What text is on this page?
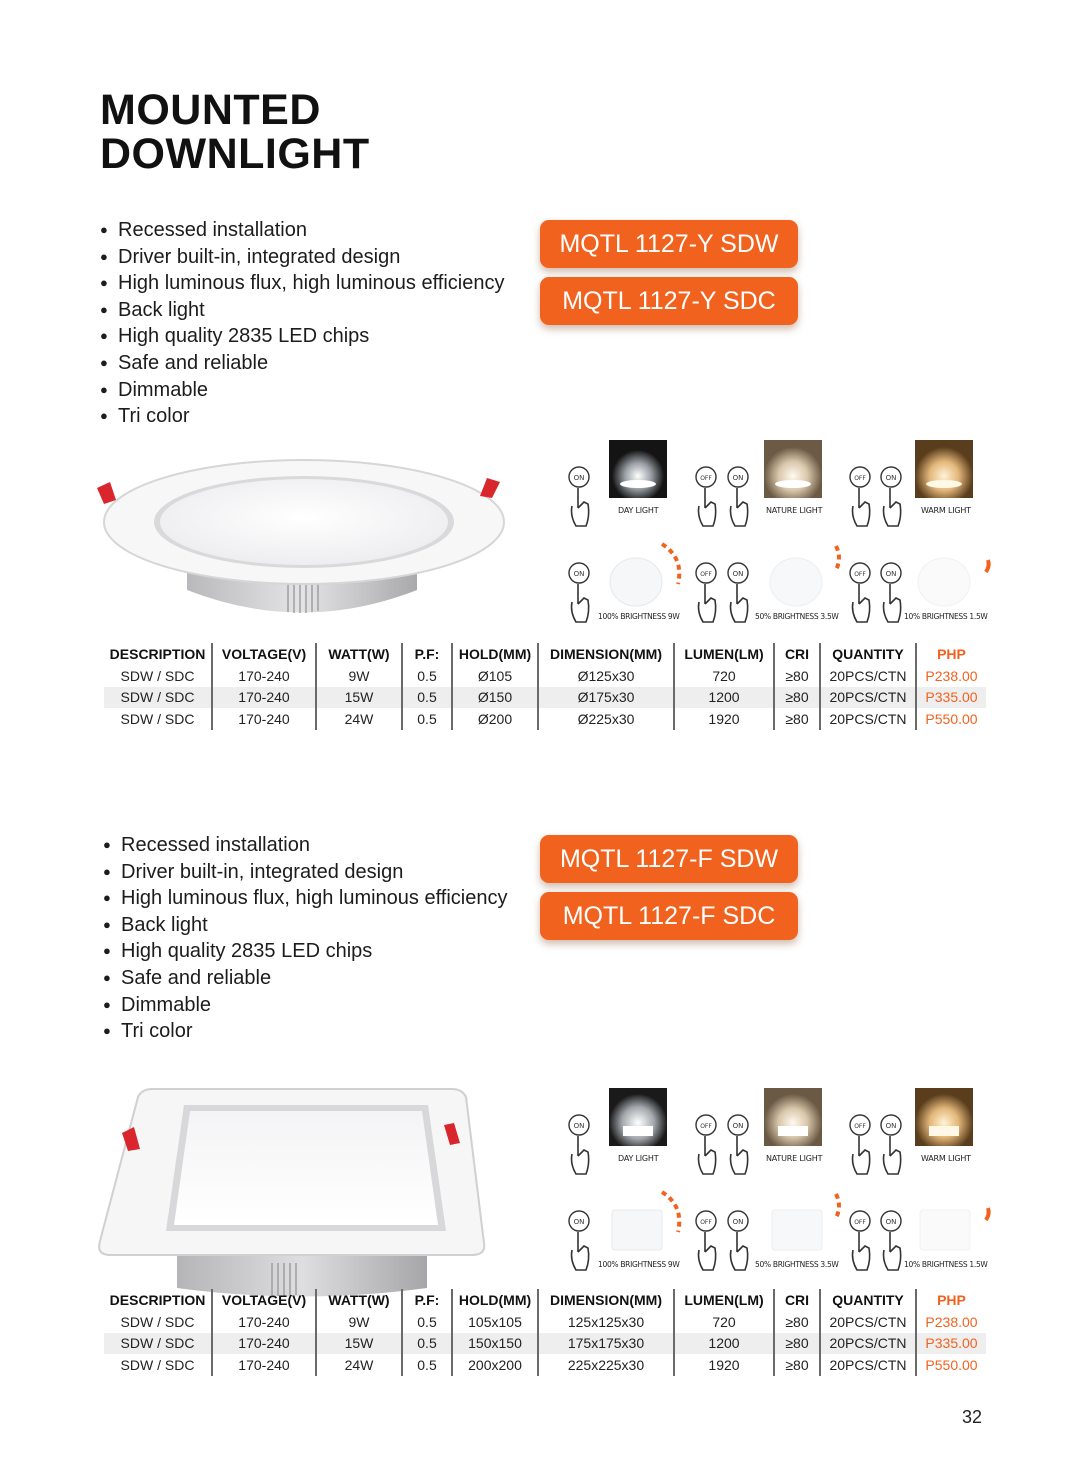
MOUNTED
DOWNLIGHT
● Recessed installation
● Driver built-in, integrated design
● High luminous flux, high luminous efficiency
● Back light
● High quality 2835 LED chips
● Safe and reliable
● Dimmable
● Tri color
MQTL 1127-Y SDW
MQTL 1127-Y SDC
ON
DAY LIGHT
OFF	ON
NATURE LIGHT
OFF	ON
WARM LIGHT
ON
100% BRIGHTNESS 9W
OFF	ON
50% BRIGHTNESS 3.5W
OFF	ON
10% BRIGHTNESS 1.5W
DESCRIPTION	VOLTAGE(V)	WATT(W)	P.F:	HOLD(MM)	DIMENSION(MM)	LUMEN(LM)	CRI	QUANTITY	PHP
SDW / SDC	170-240	9W	0.5	Ø105	Ø125x30	720	≥80	20PCS/CTN	P238.00
SDW / SDC	170-240	15W	0.5	Ø150	Ø175x30	1200	≥80	20PCS/CTN	P335.00
SDW / SDC	170-240	24W	0.5	Ø200	Ø225x30	1920	≥80	20PCS/CTN	P550.00
● Recessed installation
● Driver built-in, integrated design
● High luminous flux, high luminous efficiency
● Back light
● High quality 2835 LED chips
● Safe and reliable
● Dimmable
● Tri color
MQTL 1127-F SDW
MQTL 1127-F SDC
ON
DAY LIGHT
OFF	ON
NATURE LIGHT
OFF	ON
WARM LIGHT
ON
100% BRIGHTNESS 9W
OFF	ON
50% BRIGHTNESS 3.5W
OFF	ON
10% BRIGHTNESS 1.5W
DESCRIPTION	VOLTAGE(V)	WATT(W)	P.F:	HOLD(MM)	DIMENSION(MM)	LUMEN(LM)	CRI	QUANTITY	PHP
SDW / SDC	170-240	9W	0.5	105x105	125x125x30	720	≥80	20PCS/CTN	P238.00
SDW / SDC	170-240	15W	0.5	150x150	175x175x30	1200	≥80	20PCS/CTN	P335.00
SDW / SDC	170-240	24W	0.5	200x200	225x225x30	1920	≥80	20PCS/CTN	P550.00
32
